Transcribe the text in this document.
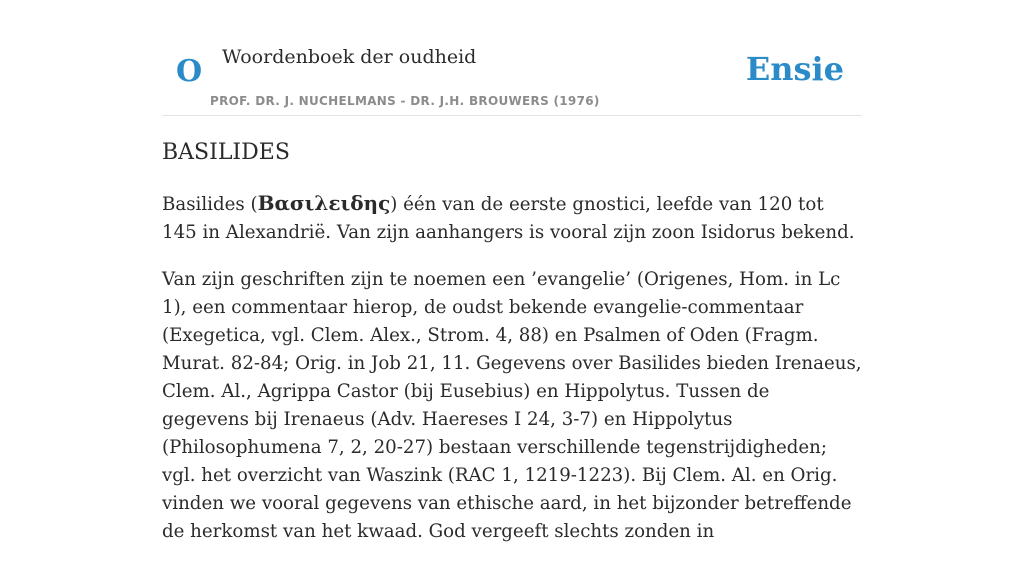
O Woordenboek der oudheid
PROF. DR. J. NUCHELMANS - DR. J.H. BROUWERS (1976)
Ensie
BASILIDES

Basilides (Βασιλειδης) één van de eerste gnostici, leefde van 120 tot 145 in Alexandrië. Van zijn aanhangers is vooral zijn zoon Isidorus bekend.

Van zijn geschriften zijn te noemen een ’evangelie’ (Origenes, Hom. in Lc 1), een commentaar hierop, de oudst bekende evangelie-commentaar (Exegetica, vgl. Clem. Alex., Strom. 4, 88) en Psalmen of Oden (Fragm. Murat. 82-84; Orig. in Job 21, 11. Gegevens over Basilides bieden Irenaeus, Clem. Al., Agrippa Castor (bij Eusebius) en Hippolytus. Tussen de gegevens bij Irenaeus (Adv. Haereses I 24, 3-7) en Hippolytus (Philosophumena 7, 2, 20-27) bestaan verschillende tegenstrijdigheden; vgl. het overzicht van Waszink (RAC 1, 1219-1223). Bij Clem. Al. en Orig. vinden we vooral gegevens van ethische aard, in het bijzonder betreffende de herkomst van het kwaad. God vergeeft slechts zonden in
